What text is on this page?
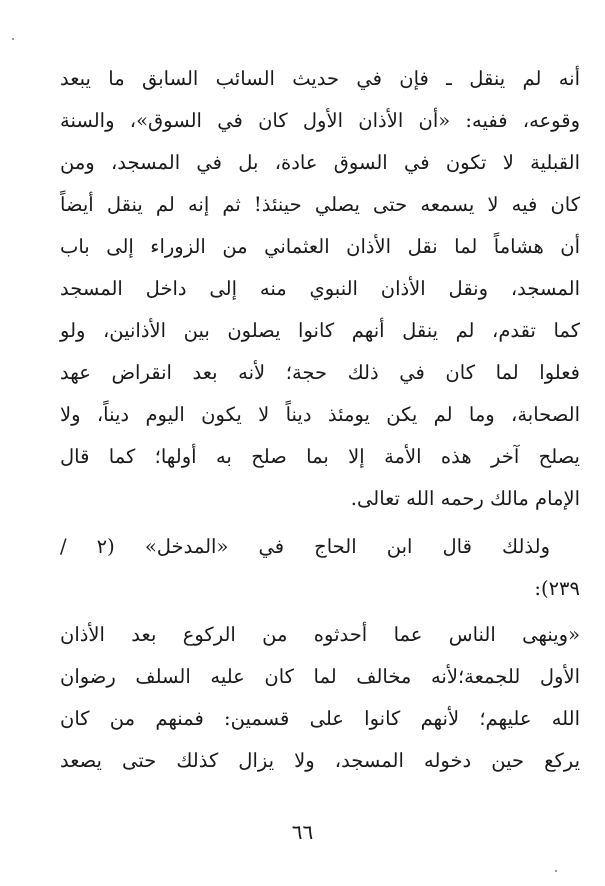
أنه لم ينقل ـ فإن في حديث السائب السابق ما يبعد
وقوعه، ففيه: «أن الأذان الأول كان في السوق»، والسنة
القبلية لا تكون في السوق عادة، بل في المسجد، ومن
كان فيه لا يسمعه حتى يصلي حينئذ! ثم إنه لم ينقل أيضاً
أن هشاماً لما نقل الأذان العثماني من الزوراء إلى باب
المسجد، ونقل الأذان النبوي منه إلى داخل المسجد
كما تقدم، لم ينقل أنهم كانوا يصلون بين الأذانين، ولو
فعلوا لما كان في ذلك حجة؛ لأنه بعد انقراض عهد
الصحابة، وما لم يكن يومئذ ديناً لا يكون اليوم ديناً، ولا
يصلح آخر هذه الأمة إلا بما صلح به أولها؛ كما قال
الإمام مالك رحمه الله تعالى.
ولذلك قال ابن الحاج في «المدخل» (٢ /
٢٣٩):
«وينهى الناس عما أحدثوه من الركوع بعد الأذان
الأول للجمعة؛لأنه مخالف لما كان عليه السلف رضوان
الله عليهم؛ لأنهم كانوا على قسمين: فمنهم من كان
يركع حين دخوله المسجد، ولا يزال كذلك حتى يصعد
٦٦
